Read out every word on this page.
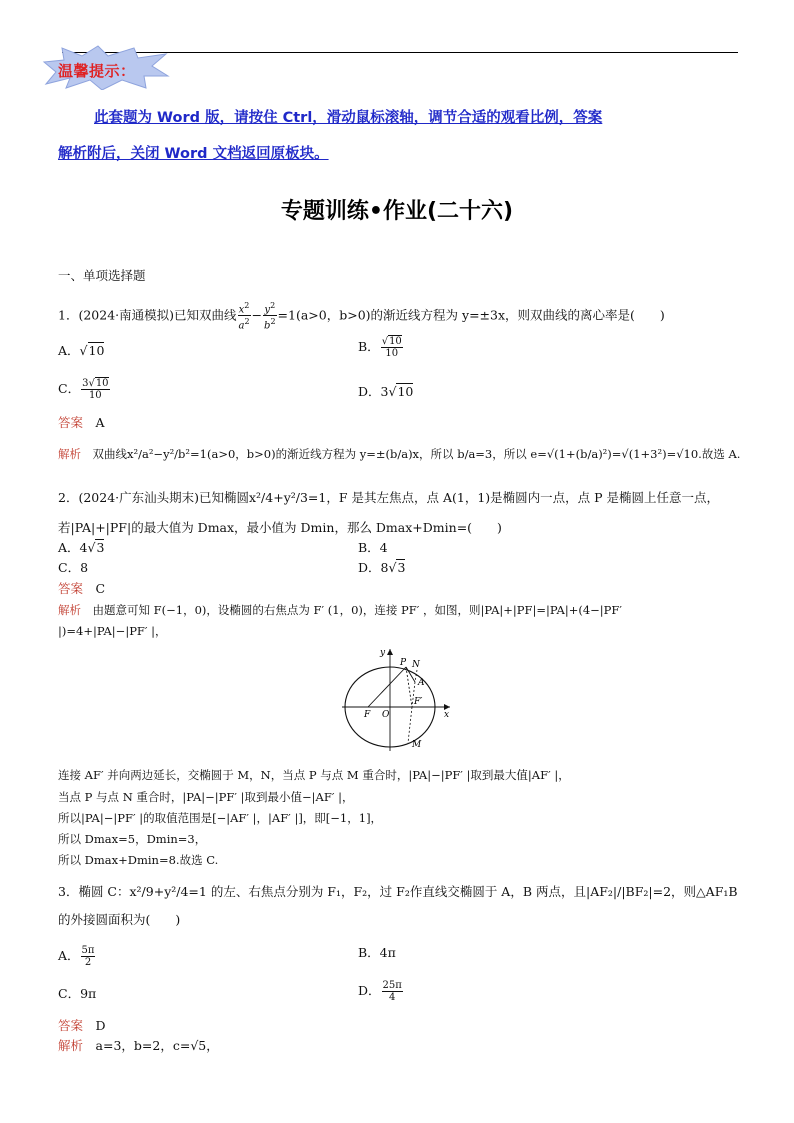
温馨提示：
此套题为 Word 版，请按住 Ctrl，滑动鼠标滚轴，调节合适的观看比例，答案
解析附后，关闭 Word 文档返回原板块。
专题训练•作业(二十六)
一、单项选择题
1．(2024·南通模拟)已知双曲线 $\frac{x^2}{a^2} - \frac{y^2}{b^2} =1(a>0$，b>0)的渐近线方程为 y=±3x，则双曲线的离心率是(　　)
A．√10	B． $\frac{√10}{10}$
C． $\frac{3√10}{10}$	D．3√10
答案　 A
解析　 双曲线x²/a²−y²/b²=1(a>0，b>0)的渐近线方程为 y=±(b/a)x，所以 b/a=3，所以 e=√(1+(b/a)²)=√(1+3²)=√10.故选 A.
2．(2024·广东汕头期末)已知椭圆x²/4+y²/3=1，F 是其左焦点，点 A(1，1)是椭圆内一点，点 P 是椭圆上任意一点，
若|PA|+|PF|的最大值为 Dmax，最小值为 Dmin，那么 Dmax+Dmin=(　　)
A．4√3	B．4
C．8	D．8√3
答案　 C
解析　 由题意可知 F(−1，0)，设椭圆的右焦点为 F′ (1，0)，连接 PF′ ，如图，则|PA|+|PF|=|PA|+(4−|PF′
|)=4+|PA|−|PF′ |，
y
P N
A
F O
F′
x
M
连接 AF′ 并向两边延长，交椭圆于 M，N，当点 P 与点 M 重合时，|PA|−|PF′ |取到最大值|AF′ |，
当点 P 与点 N 重合时，|PA|−|PF′ |取到最小值−|AF′ |，
所以|PA|−|PF′ |的取值范围是[−|AF′ |，|AF′ |]，即[−1，1]，
所以 Dmax=5，Dmin=3，
所以 Dmax+Dmin=8.故选 C.
3．椭圆 C：x²/9+y²/4=1 的左、右焦点分别为 F₁，F₂，过 F₂作直线交椭圆于 A，B 两点，且|AF₂|/|BF₂|=2，则△AF₁B
的外接圆面积为(　　)
A． $\frac{5\pi}{2}$	B．4π
C．9π	D． $\frac{25\pi}{4}$
答案　 D
解析　 a=3，b=2，c=√5，
